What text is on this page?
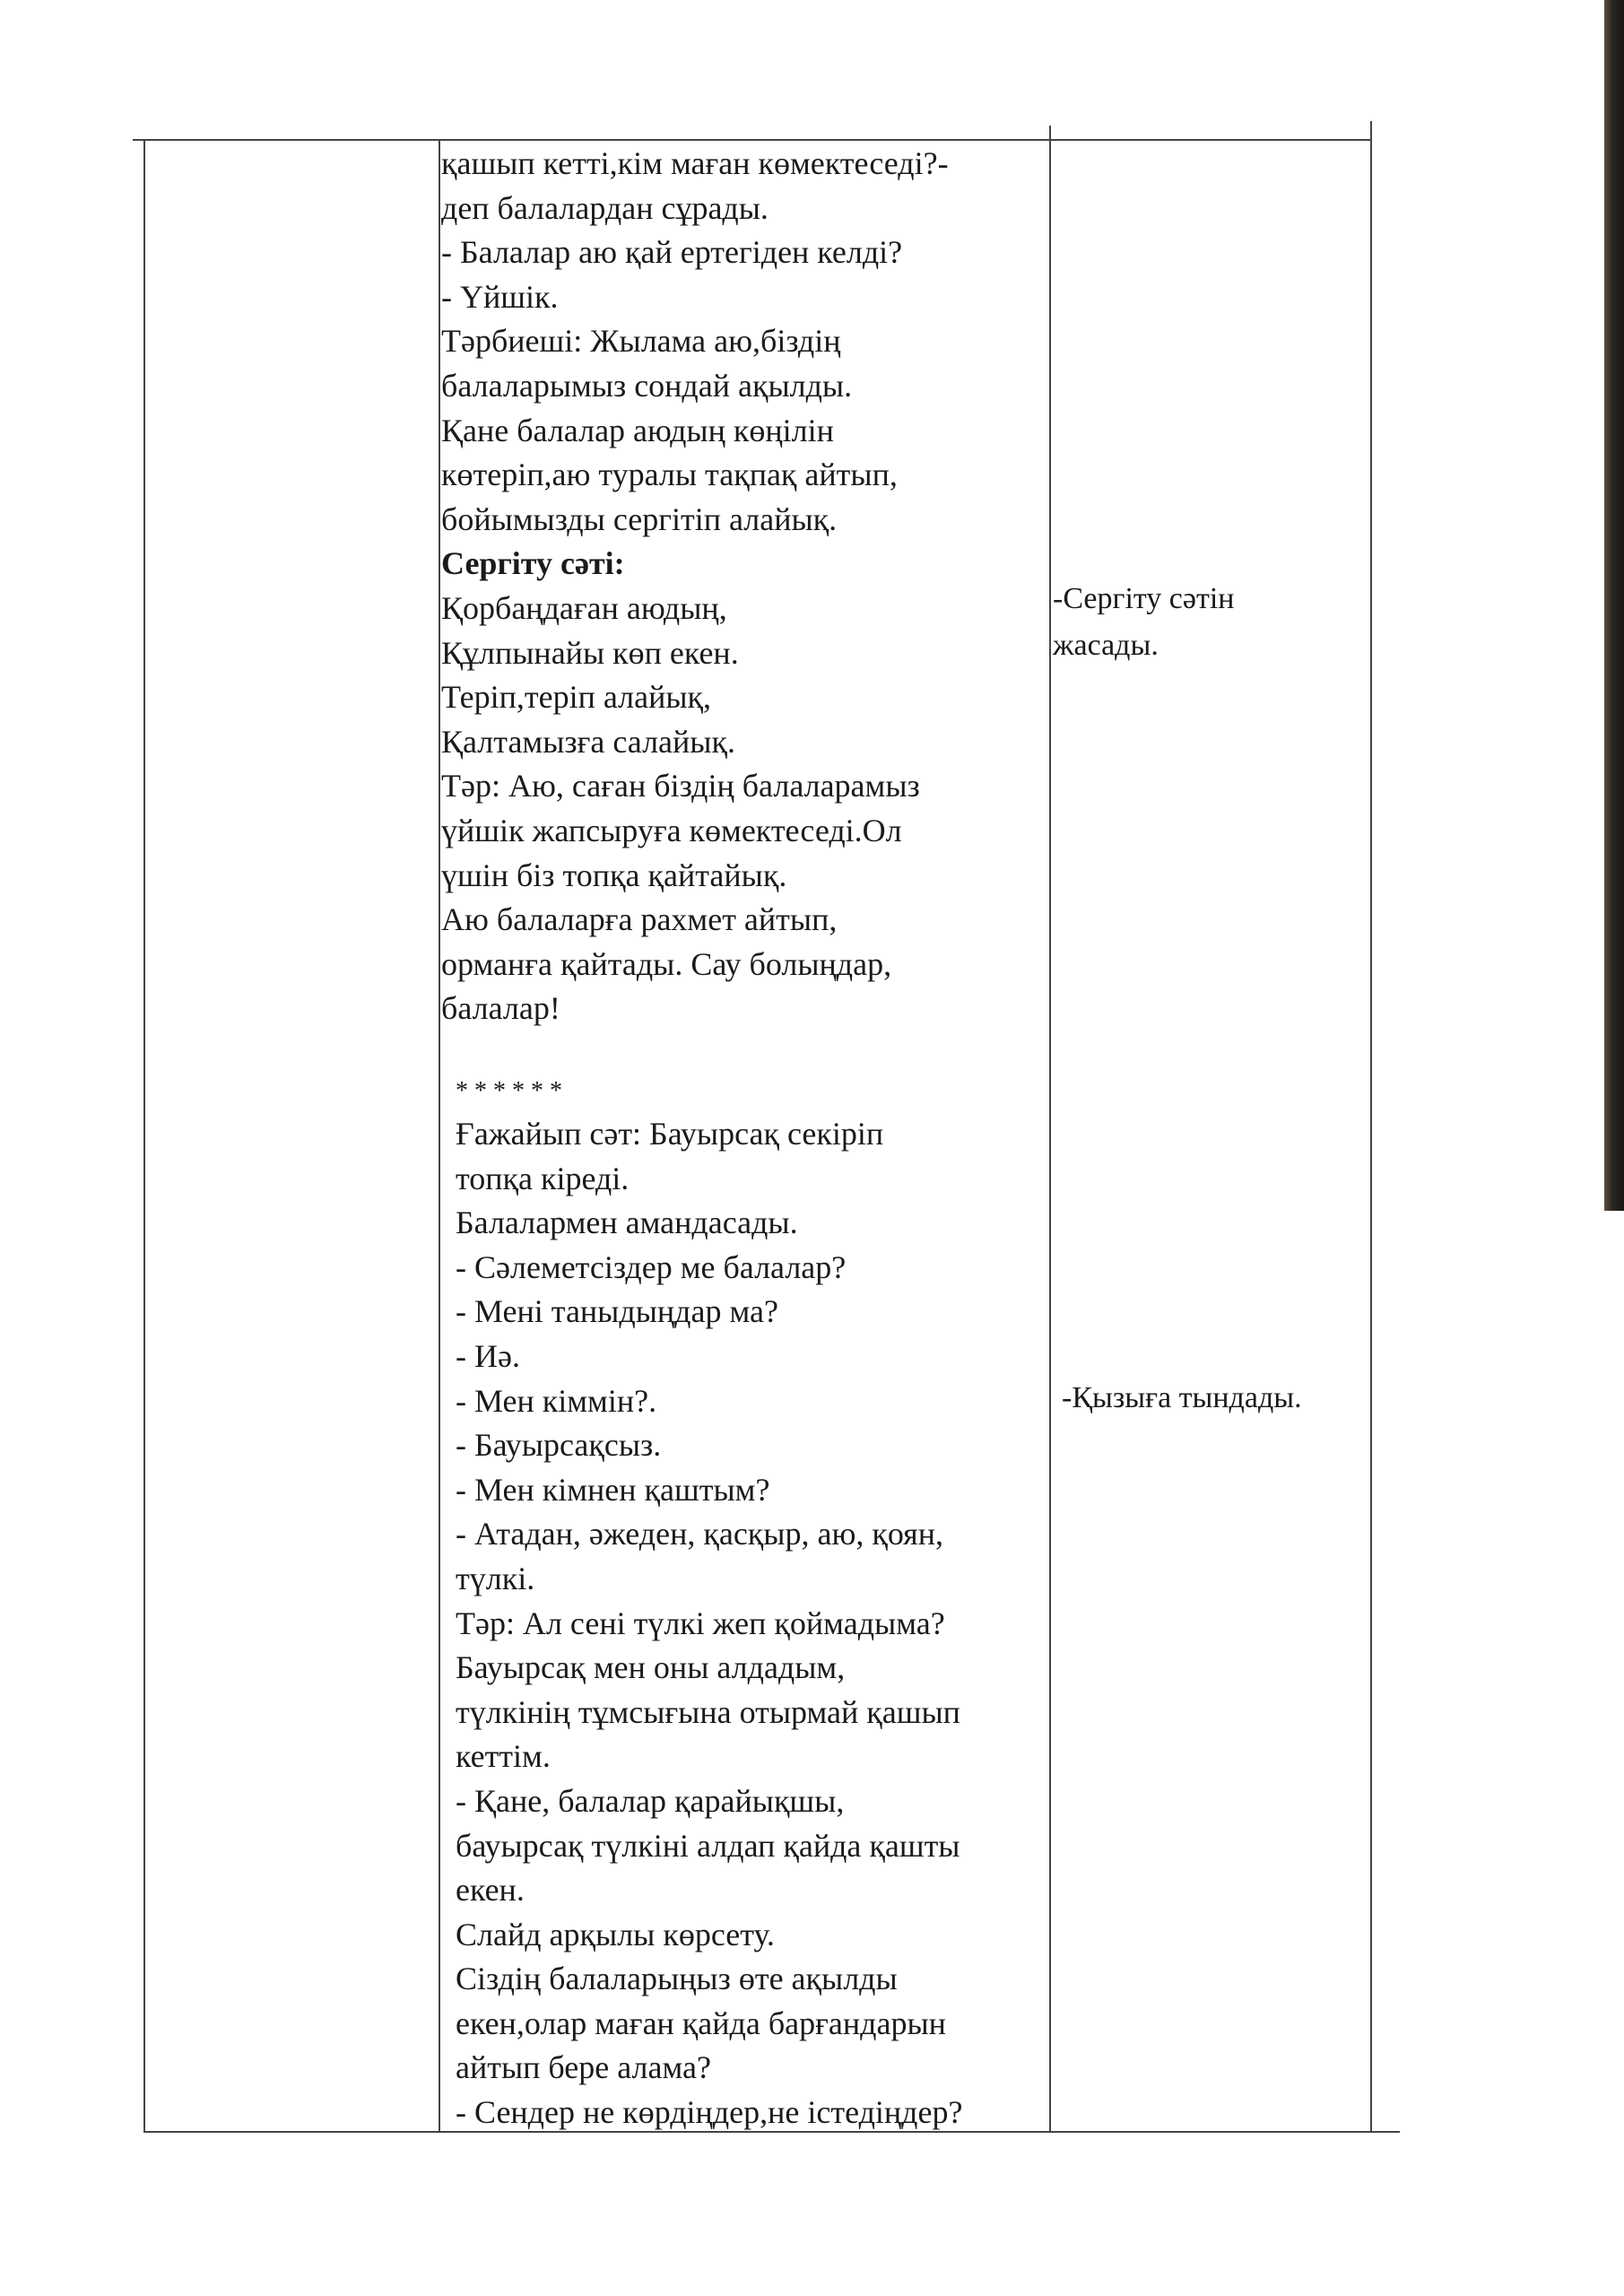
қашып кетті,кім маған көмектеседі?-
деп балалардан сұрады.
- Балалар аю қай ертегіден келді?
- Үйшік.
Тәрбиеші: Жылама аю,біздің
балаларымыз сондай ақылды.
Қане балалар аюдың көңілін
көтеріп,аю туралы тақпақ айтып,
бойымызды сергітіп алайық.
Сергіту сәті:
Қорбаңдаған аюдың,
Құлпынайы көп екен.
Теріп,теріп алайық,
Қалтамызға салайық.
Тәр: Аю, саған біздің балаларамыз
үйшік жапсыруға көмектеседі.Ол
үшін біз топқа қайтайық.
Аю балаларға рахмет айтып,
орманға қайтады. Сау болыңдар,
балалар!
* * * * * *
Ғажайып сәт: Бауырсақ секіріп
топқа кіреді.
Балалармен амандасады.
- Сәлеметсіздер ме балалар?
- Мені таныдыңдар ма?
- Иә.
- Мен кіммін?.
- Бауырсақсыз.
- Мен кімнен қаштым?
- Атадан, әжеден, қасқыр, аю, қоян,
түлкі.
Тәр: Ал сені түлкі жеп қоймадыма?
Бауырсақ мен оны алдадым,
түлкінің тұмсығына отырмай қашып
кеттім.
- Қане, балалар қарайықшы,
бауырсақ түлкіні алдап қайда қашты
екен.
Слайд арқылы көрсету.
Сіздің балаларыңыз өте ақылды
екен,олар маған қайда барғандарын
айтып бере алама?
- Сендер не көрдіңдер,не істедіңдер?
-Сергіту сәтін
жасады.
-Қызыға тындады.
